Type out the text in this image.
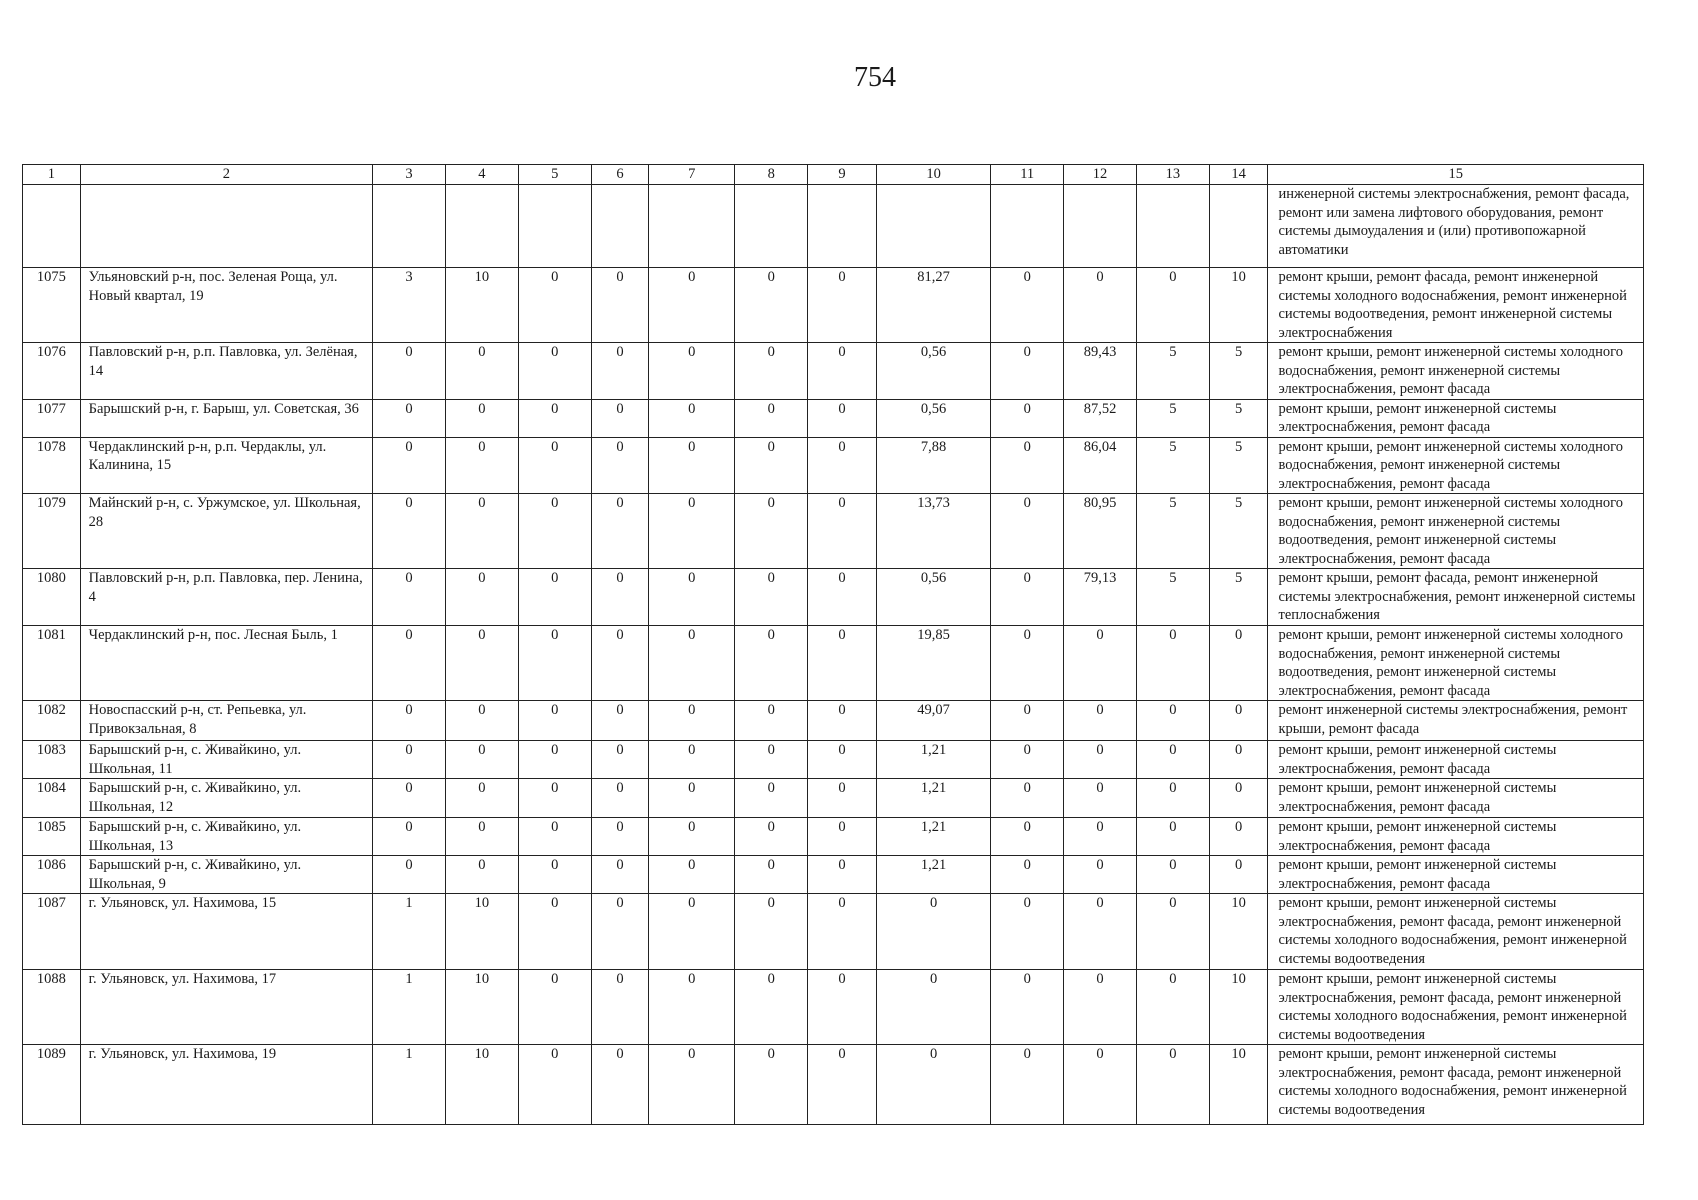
754
1	2	3	4	5	6	7	8	9	10	11	12	13	14	15
														инженерной системы электроснабжения, ремонт фасада, ремонт или замена лифтового оборудования, ремонт системы дымоудаления и (или) противопожарной автоматики
1075	Ульяновский р-н, пос. Зеленая Роща, ул. Новый квартал, 19	3	10	0	0	0	0	0	81,27	0	0	0	10	ремонт крыши, ремонт фасада, ремонт инженерной системы холодного водоснабжения, ремонт инженерной системы водоотведения, ремонт инженерной системы электроснабжения
1076	Павловский р-н, р.п. Павловка, ул. Зелёная, 14	0	0	0	0	0	0	0	0,56	0	89,43	5	5	ремонт крыши, ремонт инженерной системы холодного водоснабжения, ремонт инженерной системы электроснабжения, ремонт фасада
1077	Барышский р-н, г. Барыш, ул. Советская, 36	0	0	0	0	0	0	0	0,56	0	87,52	5	5	ремонт крыши, ремонт инженерной системы электроснабжения, ремонт фасада
1078	Чердаклинский р-н, р.п. Чердаклы, ул. Калинина, 15	0	0	0	0	0	0	0	7,88	0	86,04	5	5	ремонт крыши, ремонт инженерной системы холодного водоснабжения, ремонт инженерной системы электроснабжения, ремонт фасада
1079	Майнский р-н, с. Уржумское, ул. Школьная, 28	0	0	0	0	0	0	0	13,73	0	80,95	5	5	ремонт крыши, ремонт инженерной системы холодного водоснабжения, ремонт инженерной системы водоотведения, ремонт инженерной системы электроснабжения, ремонт фасада
1080	Павловский р-н, р.п. Павловка, пер. Ленина, 4	0	0	0	0	0	0	0	0,56	0	79,13	5	5	ремонт крыши, ремонт фасада, ремонт инженерной системы электроснабжения, ремонт инженерной системы теплоснабжения
1081	Чердаклинский р-н, пос. Лесная Быль, 1	0	0	0	0	0	0	0	19,85	0	0	0	0	ремонт крыши, ремонт инженерной системы холодного водоснабжения, ремонт инженерной системы водоотведения, ремонт инженерной системы электроснабжения, ремонт фасада
1082	Новоспасский р-н, ст. Репьевка, ул. Привокзальная, 8	0	0	0	0	0	0	0	49,07	0	0	0	0	ремонт инженерной системы электроснабжения, ремонт крыши, ремонт фасада
1083	Барышский р-н, с. Живайкино, ул. Школьная, 11	0	0	0	0	0	0	0	1,21	0	0	0	0	ремонт крыши, ремонт инженерной системы электроснабжения, ремонт фасада
1084	Барышский р-н, с. Живайкино, ул. Школьная, 12	0	0	0	0	0	0	0	1,21	0	0	0	0	ремонт крыши, ремонт инженерной системы электроснабжения, ремонт фасада
1085	Барышский р-н, с. Живайкино, ул. Школьная, 13	0	0	0	0	0	0	0	1,21	0	0	0	0	ремонт крыши, ремонт инженерной системы электроснабжения, ремонт фасада
1086	Барышский р-н, с. Живайкино, ул. Школьная, 9	0	0	0	0	0	0	0	1,21	0	0	0	0	ремонт крыши, ремонт инженерной системы электроснабжения, ремонт фасада
1087	г. Ульяновск, ул. Нахимова, 15	1	10	0	0	0	0	0	0	0	0	0	10	ремонт крыши, ремонт инженерной системы электроснабжения, ремонт фасада, ремонт инженерной системы холодного водоснабжения, ремонт инженерной системы водоотведения
1088	г. Ульяновск, ул. Нахимова, 17	1	10	0	0	0	0	0	0	0	0	0	10	ремонт крыши, ремонт инженерной системы электроснабжения, ремонт фасада, ремонт инженерной системы холодного водоснабжения, ремонт инженерной системы водоотведения
1089	г. Ульяновск, ул. Нахимова, 19	1	10	0	0	0	0	0	0	0	0	0	10	ремонт крыши, ремонт инженерной системы электроснабжения, ремонт фасада, ремонт инженерной системы холодного водоснабжения, ремонт инженерной системы водоотведения
